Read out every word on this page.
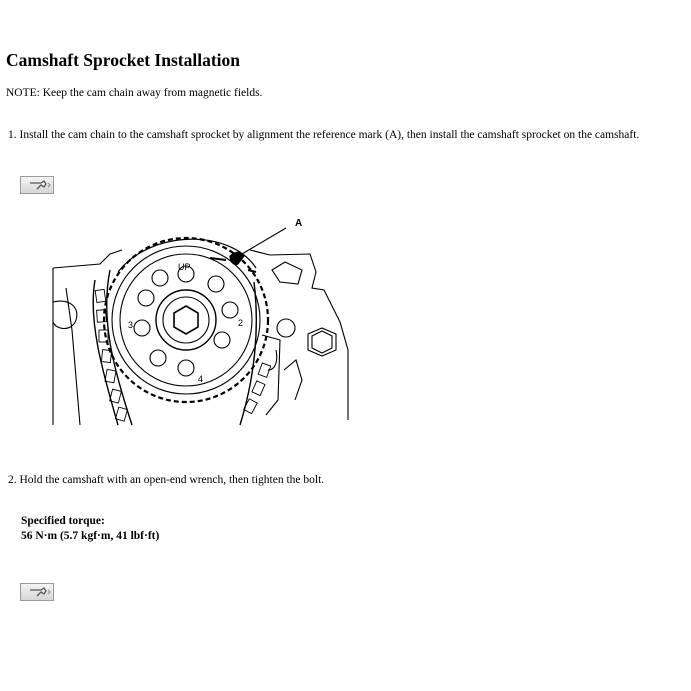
Camshaft Sprocket Installation
NOTE: Keep the cam chain away from magnetic fields.
1. Install the cam chain to the camshaft sprocket by alignment the reference mark (A), then install the camshaft sprocket on the camshaft.
A
UP
2
3
4
2. Hold the camshaft with an open-end wrench, then tighten the bolt.
Specified torque:
56 N·m (5.7 kgf·m, 41 lbf·ft)
